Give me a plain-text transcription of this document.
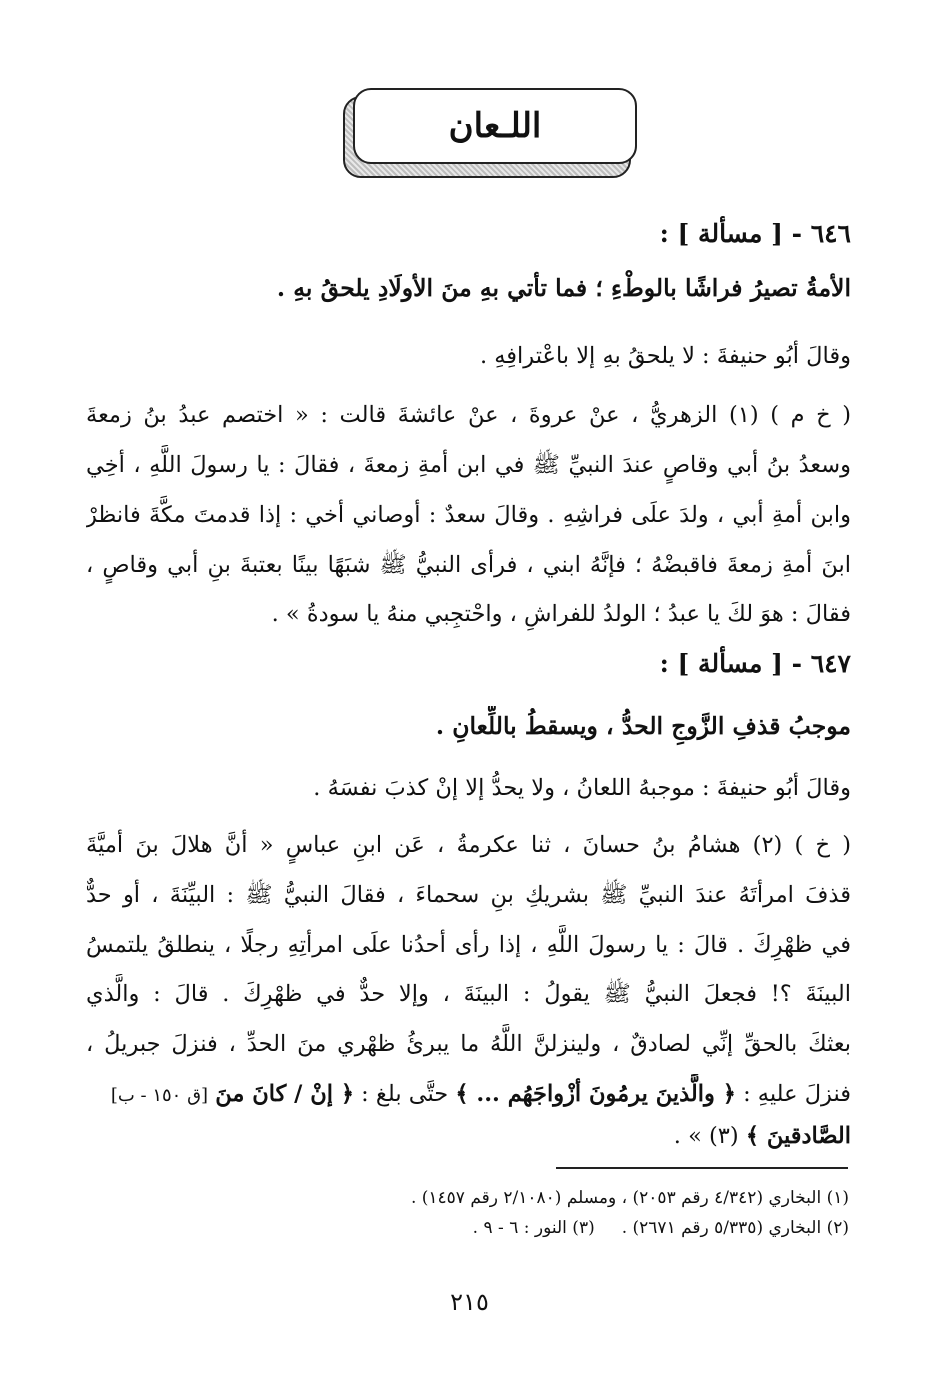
اللـعان
٦٤٦ - [ مسألة ] :
الأمةُ تصيرُ فراشًا بالوطْءِ ؛ فما تأتي بهِ منَ الأولَادِ يلحقُ بهِ .
وقالَ أبُو حنيفةَ : لا يلحقُ بهِ إلا باعْترافِهِ .
( خ م ) (١) الزهريُّ ، عنْ عروةَ ، عنْ عائشةَ قالت : « اختصم عبدُ بنُ زمعةَ
وسعدُ بنُ أبي وقاصٍ عندَ النبيِّ ﷺ في ابن أمةِ زمعةَ ، فقالَ : يا رسولَ اللَّهِ ، أخِي
وابن أمةِ أبي ، ولدَ علَى فراشِهِ . وقالَ سعدٌ : أوصاني أخي : إذا قدمتَ مكَّةَ فانظرْ
ابنَ أمةِ زمعةَ فاقبضْهُ ؛ فإنَّهُ ابني ، فرأى النبيُّ ﷺ شبَهًا بينًا بعتبةَ بنِ أبي وقاصٍ ،
فقالَ : هوَ لكَ يا عبدُ ؛ الولدُ للفراشِ ، واحْتجِبي منهُ يا سودةُ » .
٦٤٧ - [ مسألة ] :
موجبُ قذفِ الزَّوجِ الحدُّ ، ويسقطُ باللِّعانِ .
وقالَ أبُو حنيفةَ : موجبهُ اللعانُ ، ولا يحدُّ إلا إنْ كذبَ نفسَهُ .
( خ ) (٢) هشامُ بنُ حسانَ ، ثنا عكرمةُ ، عَن ابنِ عباسٍ « أنَّ هلالَ بنَ أميَّةَ
قذفَ امرأتَهُ عندَ النبيِّ ﷺ بشريكِ بنِ سحماءَ ، فقالَ النبيُّ ﷺ : البيِّنَةَ ، أو حدٌّ
في ظهْرِكَ . قالَ : يا رسولَ اللَّهِ ، إذا رأى أحدُنا علَى امرأتِهِ رجلًا ، ينطلقُ يلتمسُ
البينَةَ ؟! فجعلَ النبيُّ ﷺ يقولُ : البينَةَ ، وإلا حدٌّ في ظهْرِكَ . قالَ : والَّذي
بعثكَ بالحقِّ إنِّي لصادقٌ ، ولينزلنَّ اللَّهُ ما يبرئُ ظهْري منَ الحدِّ ، فنزلَ جبريلُ ،
فنزلَ عليهِ : ﴿ والَّذينَ يرمُونَ أزْواجَهُم ... ﴾ حتَّى بلغ : ﴿ إنْ / كانَ منَ [ق ١٥٠ - ب]
الصَّادقينَ ﴾ (٣) » .
(١) البخاري (٤/٣٤٢ رقم ٢٠٥٣) ، ومسلم (٢/١٠٨٠ رقم ١٤٥٧) .
(٢) البخاري (٥/٣٣٥ رقم ٢٦٧١) .     (٣) النور : ٦ - ٩ .
٢١٥
